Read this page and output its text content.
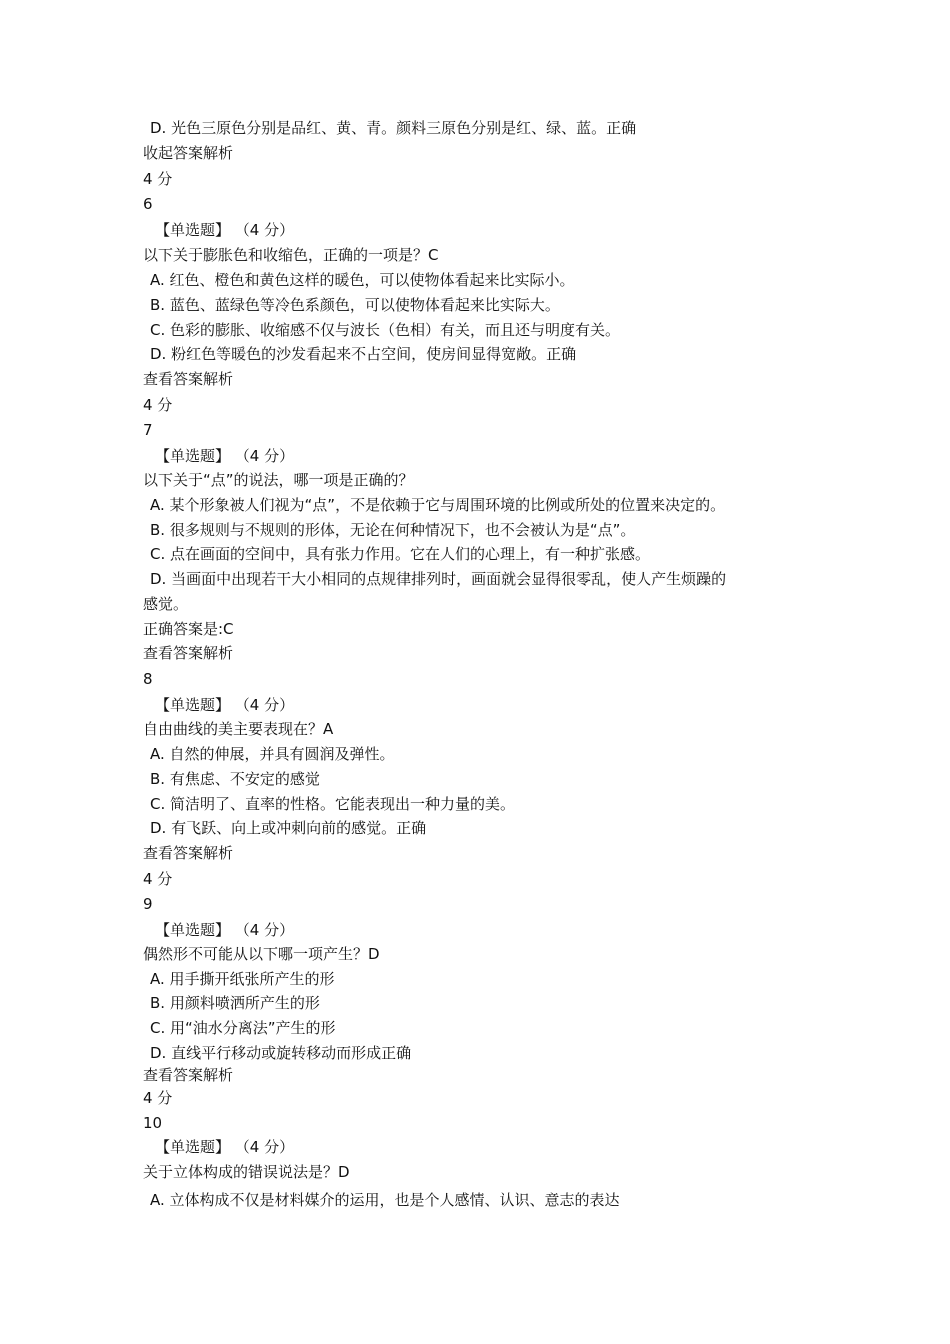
D. 光色三原色分别是品红、黄、青。颜料三原色分别是红、绿、蓝。正确
收起答案解析
4 分
6
【单选题】 （4 分）
以下关于膨胀色和收缩色，正确的一项是？C
A. 红色、橙色和黄色这样的暖色，可以使物体看起来比实际小。
B. 蓝色、蓝绿色等冷色系颜色，可以使物体看起来比实际大。
C. 色彩的膨胀、收缩感不仅与波长（色相）有关，而且还与明度有关。
D. 粉红色等暖色的沙发看起来不占空间，使房间显得宽敞。正确
查看答案解析
4 分
7
【单选题】 （4 分）
以下关于“点”的说法，哪一项是正确的？
A. 某个形象被人们视为“点”，不是依赖于它与周围环境的比例或所处的位置来决定的。
B. 很多规则与不规则的形体，无论在何种情况下，也不会被认为是“点”。
C. 点在画面的空间中，具有张力作用。它在人们的心理上，有一种扩张感。
D. 当画面中出现若干大小相同的点规律排列时，画面就会显得很零乱，使人产生烦躁的
感觉。
正确答案是:C
查看答案解析
8
【单选题】 （4 分）
自由曲线的美主要表现在？A
A. 自然的伸展，并具有圆润及弹性。
B. 有焦虑、不安定的感觉
C. 简洁明了、直率的性格。它能表现出一种力量的美。
D. 有飞跃、向上或冲刺向前的感觉。正确
查看答案解析
4 分
9
【单选题】 （4 分）
偶然形不可能从以下哪一项产生？D
A. 用手撕开纸张所产生的形
B. 用颜料喷洒所产生的形
C. 用“油水分离法”产生的形
D. 直线平行移动或旋转移动而形成正确
查看答案解析
4 分
10
【单选题】 （4 分）
关于立体构成的错误说法是？D
A. 立体构成不仅是材料媒介的运用，也是个人感情、认识、意志的表达
